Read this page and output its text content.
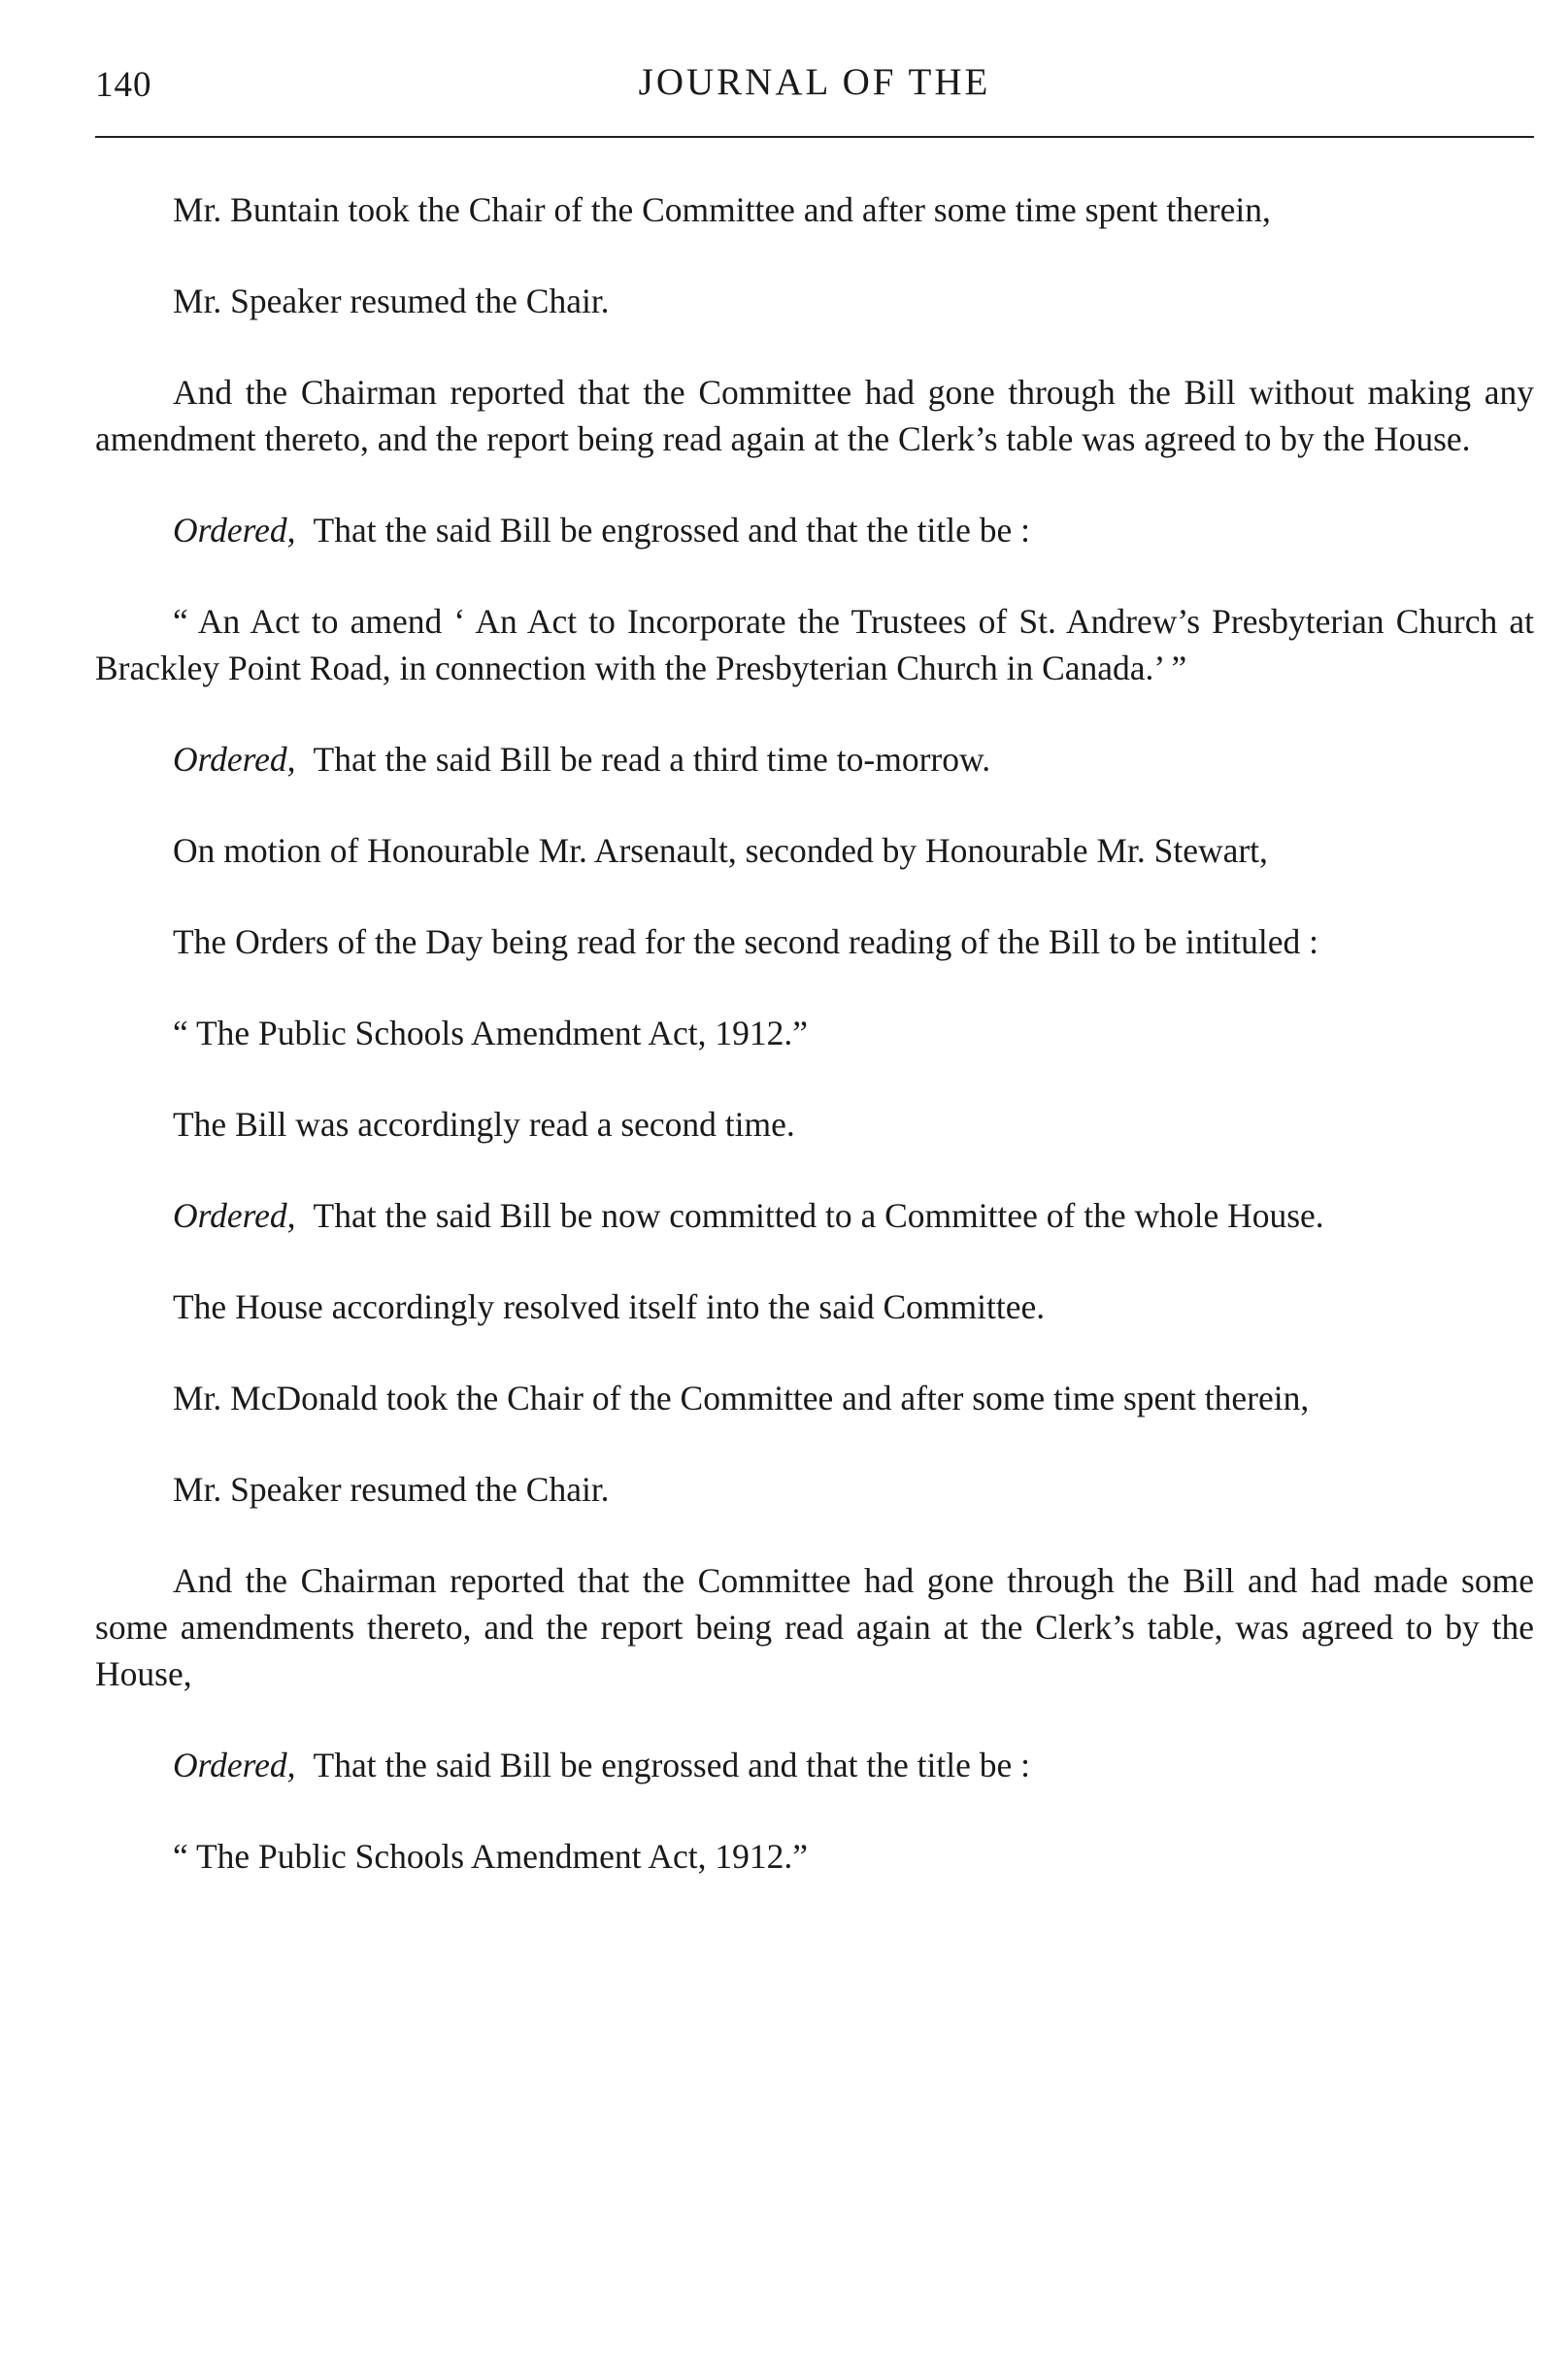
140	JOURNAL OF THE

Mr. Buntain took the Chair of the Committee and after some time spent therein,

Mr. Speaker resumed the Chair.

And the Chairman reported that the Committee had gone through the Bill without making any amendment thereto, and the report being read again at the Clerk’s table was agreed to by the House.

Ordered, That the said Bill be engrossed and that the title be :

“ An Act to amend ‘ An Act to Incorporate the Trustees of St. Andrew’s Presbyterian Church at Brackley Point Road, in connection with the Presbyterian Church in Canada.’ ”

Ordered, That the said Bill be read a third time to-morrow.

On motion of Honourable Mr. Arsenault, seconded by Honourable Mr. Stewart,

The Orders of the Day being read for the second reading of the Bill to be intituled :

“ The Public Schools Amendment Act, 1912.”

The Bill was accordingly read a second time.

Ordered, That the said Bill be now committed to a Committee of the whole House.

The House accordingly resolved itself into the said Committee.

Mr. McDonald took the Chair of the Committee and after some time spent therein,

Mr. Speaker resumed the Chair.

And the Chairman reported that the Committee had gone through the Bill and had made some some amendments thereto, and the report being read again at the Clerk’s table, was agreed to by the House,

Ordered, That the said Bill be engrossed and that the title be :

“ The Public Schools Amendment Act, 1912.”
